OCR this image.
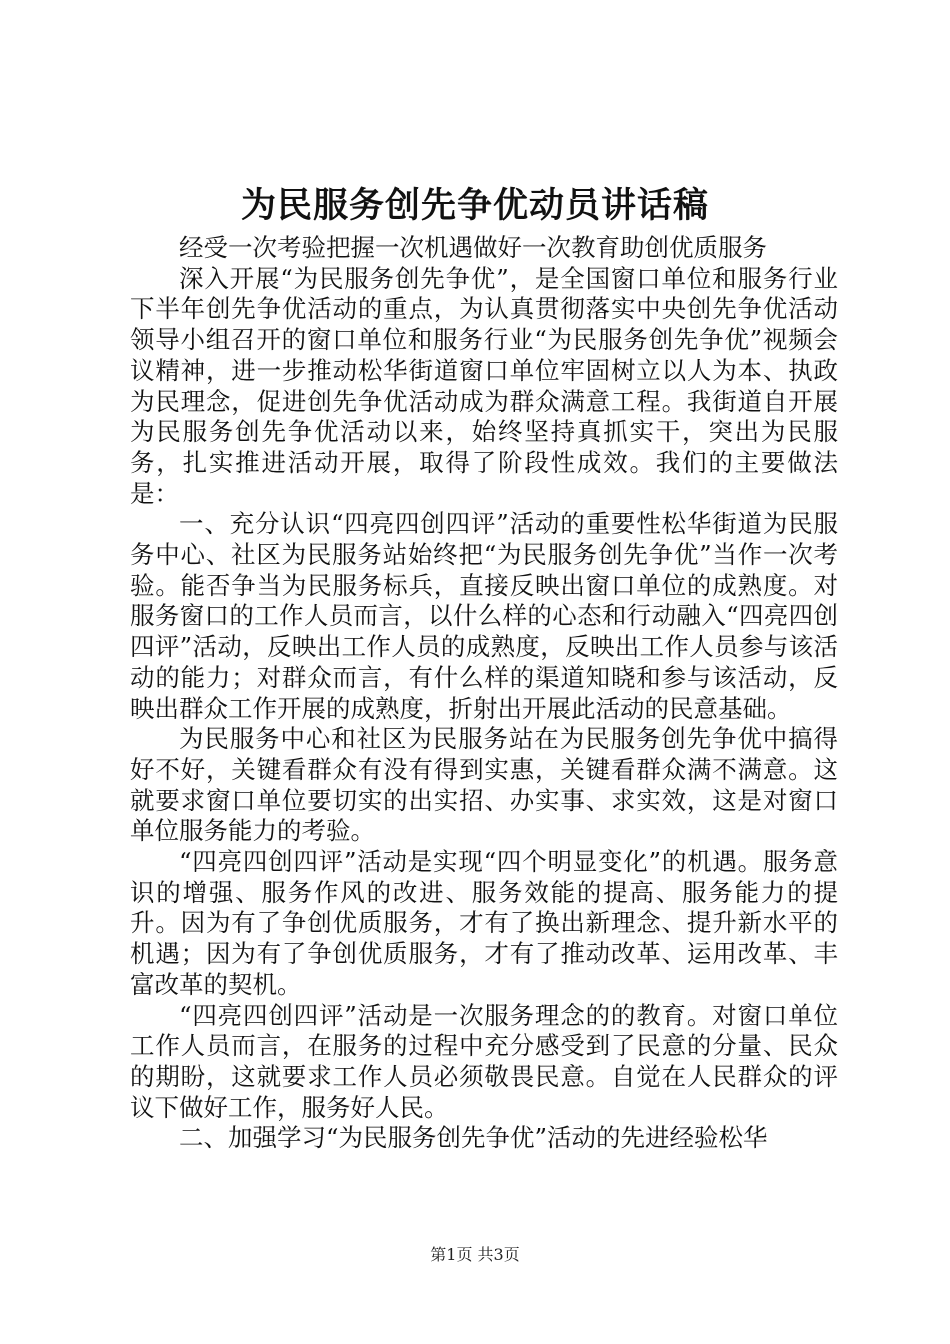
为民服务创先争优动员讲话稿

经受一次考验把握一次机遇做好一次教育助创优质服务

深入开展“为民服务创先争优”，是全国窗口单位和服务行业下半年创先争优活动的重点，为认真贯彻落实中央创先争优活动领导小组召开的窗口单位和服务行业“为民服务创先争优”视频会议精神，进一步推动松华街道窗口单位牢固树立以人为本、执政为民理念，促进创先争优活动成为群众满意工程。我街道自开展为民服务创先争优活动以来，始终坚持真抓实干，突出为民服务，扎实推进活动开展，取得了阶段性成效。我们的主要做法是：

一、充分认识“四亮四创四评”活动的重要性松华街道为民服务中心、社区为民服务站始终把“为民服务创先争优”当作一次考验。能否争当为民服务标兵，直接反映出窗口单位的成熟度。对服务窗口的工作人员而言，以什么样的心态和行动融入“四亮四创四评”活动，反映出工作人员的成熟度，反映出工作人员参与该活动的能力；对群众而言，有什么样的渠道知晓和参与该活动，反映出群众工作开展的成熟度，折射出开展此活动的民意基础。

为民服务中心和社区为民服务站在为民服务创先争优中搞得好不好，关键看群众有没有得到实惠，关键看群众满不满意。这就要求窗口单位要切实的出实招、办实事、求实效，这是对窗口单位服务能力的考验。

“四亮四创四评”活动是实现“四个明显变化”的机遇。服务意识的增强、服务作风的改进、服务效能的提高、服务能力的提升。因为有了争创优质服务，才有了换出新理念、提升新水平的机遇；因为有了争创优质服务，才有了推动改革、运用改革、丰富改革的契机。

“四亮四创四评”活动是一次服务理念的的教育。对窗口单位工作人员而言，在服务的过程中充分感受到了民意的分量、民众的期盼，这就要求工作人员必须敬畏民意。自觉在人民群众的评议下做好工作，服务好人民。

二、加强学习“为民服务创先争优”活动的先进经验松华

第1页 共3页
